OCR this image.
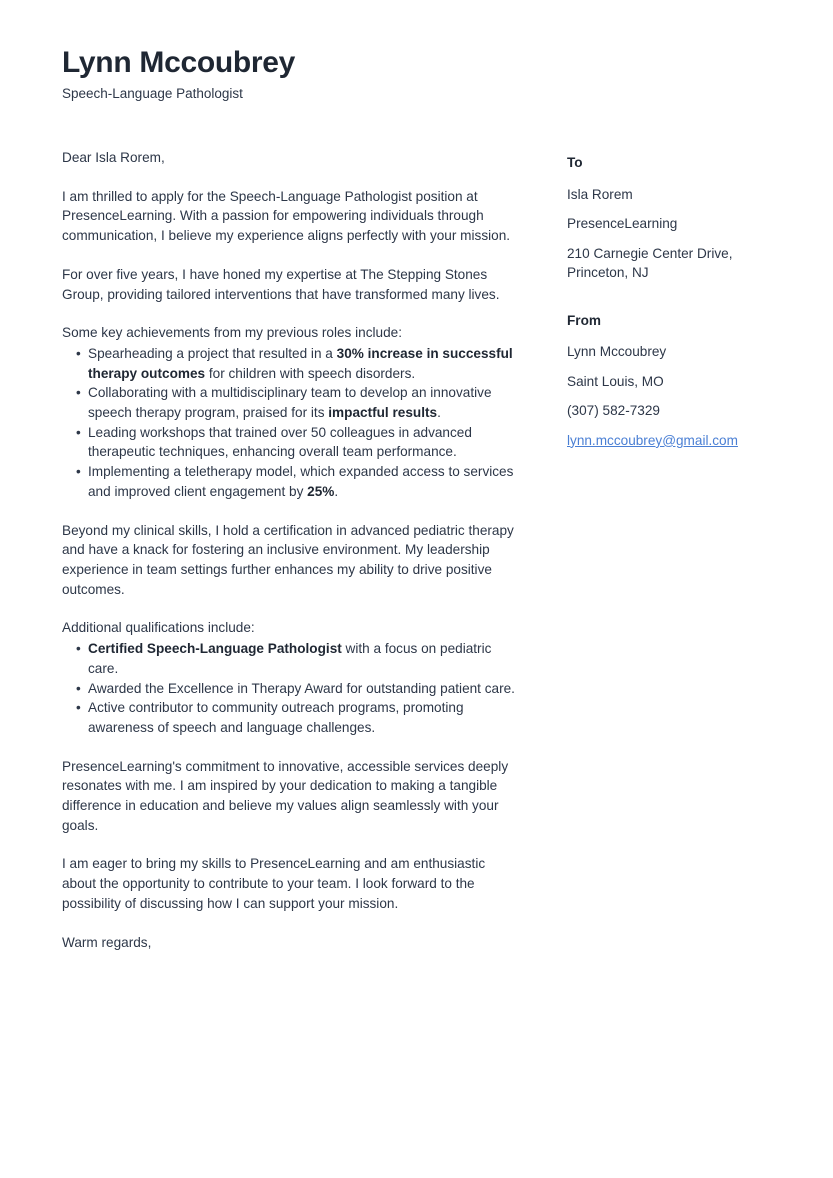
Lynn Mccoubrey
Speech-Language Pathologist

Dear Isla Rorem,

I am thrilled to apply for the Speech-Language Pathologist position at PresenceLearning. With a passion for empowering individuals through communication, I believe my experience aligns perfectly with your mission.

For over five years, I have honed my expertise at The Stepping Stones Group, providing tailored interventions that have transformed many lives.

Some key achievements from my previous roles include:

• Spearheading a project that resulted in a 30% increase in successful therapy outcomes for children with speech disorders.
• Collaborating with a multidisciplinary team to develop an innovative speech therapy program, praised for its impactful results.
• Leading workshops that trained over 50 colleagues in advanced therapeutic techniques, enhancing overall team performance.
• Implementing a teletherapy model, which expanded access to services and improved client engagement by 25%.

Beyond my clinical skills, I hold a certification in advanced pediatric therapy and have a knack for fostering an inclusive environment. My leadership experience in team settings further enhances my ability to drive positive outcomes.

Additional qualifications include:

• Certified Speech-Language Pathologist with a focus on pediatric care.
• Awarded the Excellence in Therapy Award for outstanding patient care.
• Active contributor to community outreach programs, promoting awareness of speech and language challenges.

PresenceLearning's commitment to innovative, accessible services deeply resonates with me. I am inspired by your dedication to making a tangible difference in education and believe my values align seamlessly with your goals.

I am eager to bring my skills to PresenceLearning and am enthusiastic about the opportunity to contribute to your team. I look forward to the possibility of discussing how I can support your mission.

Warm regards,

To
Isla Rorem
PresenceLearning
210 Carnegie Center Drive, Princeton, NJ
From
Lynn Mccoubrey
Saint Louis, MO
(307) 582-7329
lynn.mccoubrey@gmail.com
